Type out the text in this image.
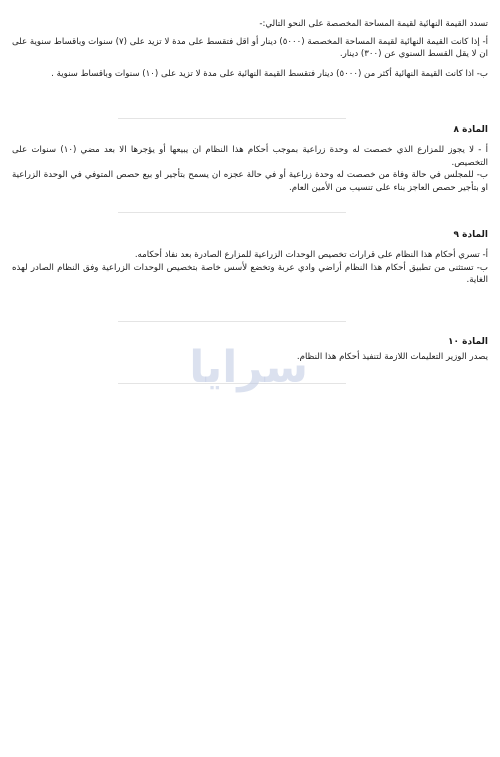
تسدد القيمة النهائية لقيمة المساحة المخصصة على النحو التالي:-

أ- إذا كانت القيمة النهائية لقيمة المساحة المخصصة (٥٠٠٠) دينار أو اقل فتقسط على مدة لا تزيد على (٧) سنوات وباقساط سنوية على ان لا يقل القسط السنوي عن (٣٠٠) دينار.

ب- اذا كانت القيمة النهائية أكثر من (٥٠٠٠) دينار فتقسط القيمة النهائية على مدة لا تزيد على (١٠) سنوات وباقساط سنوية .

المادة ٨

أ - لا يجوز للمزارع الذي خصصت له وحدة زراعية بموجب أحكام هذا النظام ان يبيعها أو يؤجرها الا بعد مضي (١٠) سنوات على التخصيص.

ب- للمجلس في حالة وفاة من خصصت له وحدة زراعية أو في حالة عجزه ان يسمح بتأجير او بيع حصص المتوفي في الوحدة الزراعية او بتأجير حصص العاجز بناء على تنسيب من الأمين العام.

المادة ٩

أ- تسري أحكام هذا النظام على قرارات تخصيص الوحدات الزراعية للمزارع الصادرة بعد نفاذ أحكامه.

ب- تستثنى من تطبيق أحكام هذا النظام أراضي وادي عربة وتخضع لأسس خاصة بتخصيص الوحدات الزراعية وفق النظام الصادر لهذه الغاية.

المادة ١٠

يصدر الوزير التعليمات اللازمة لتنفيذ أحكام هذا النظام.

سرايا
